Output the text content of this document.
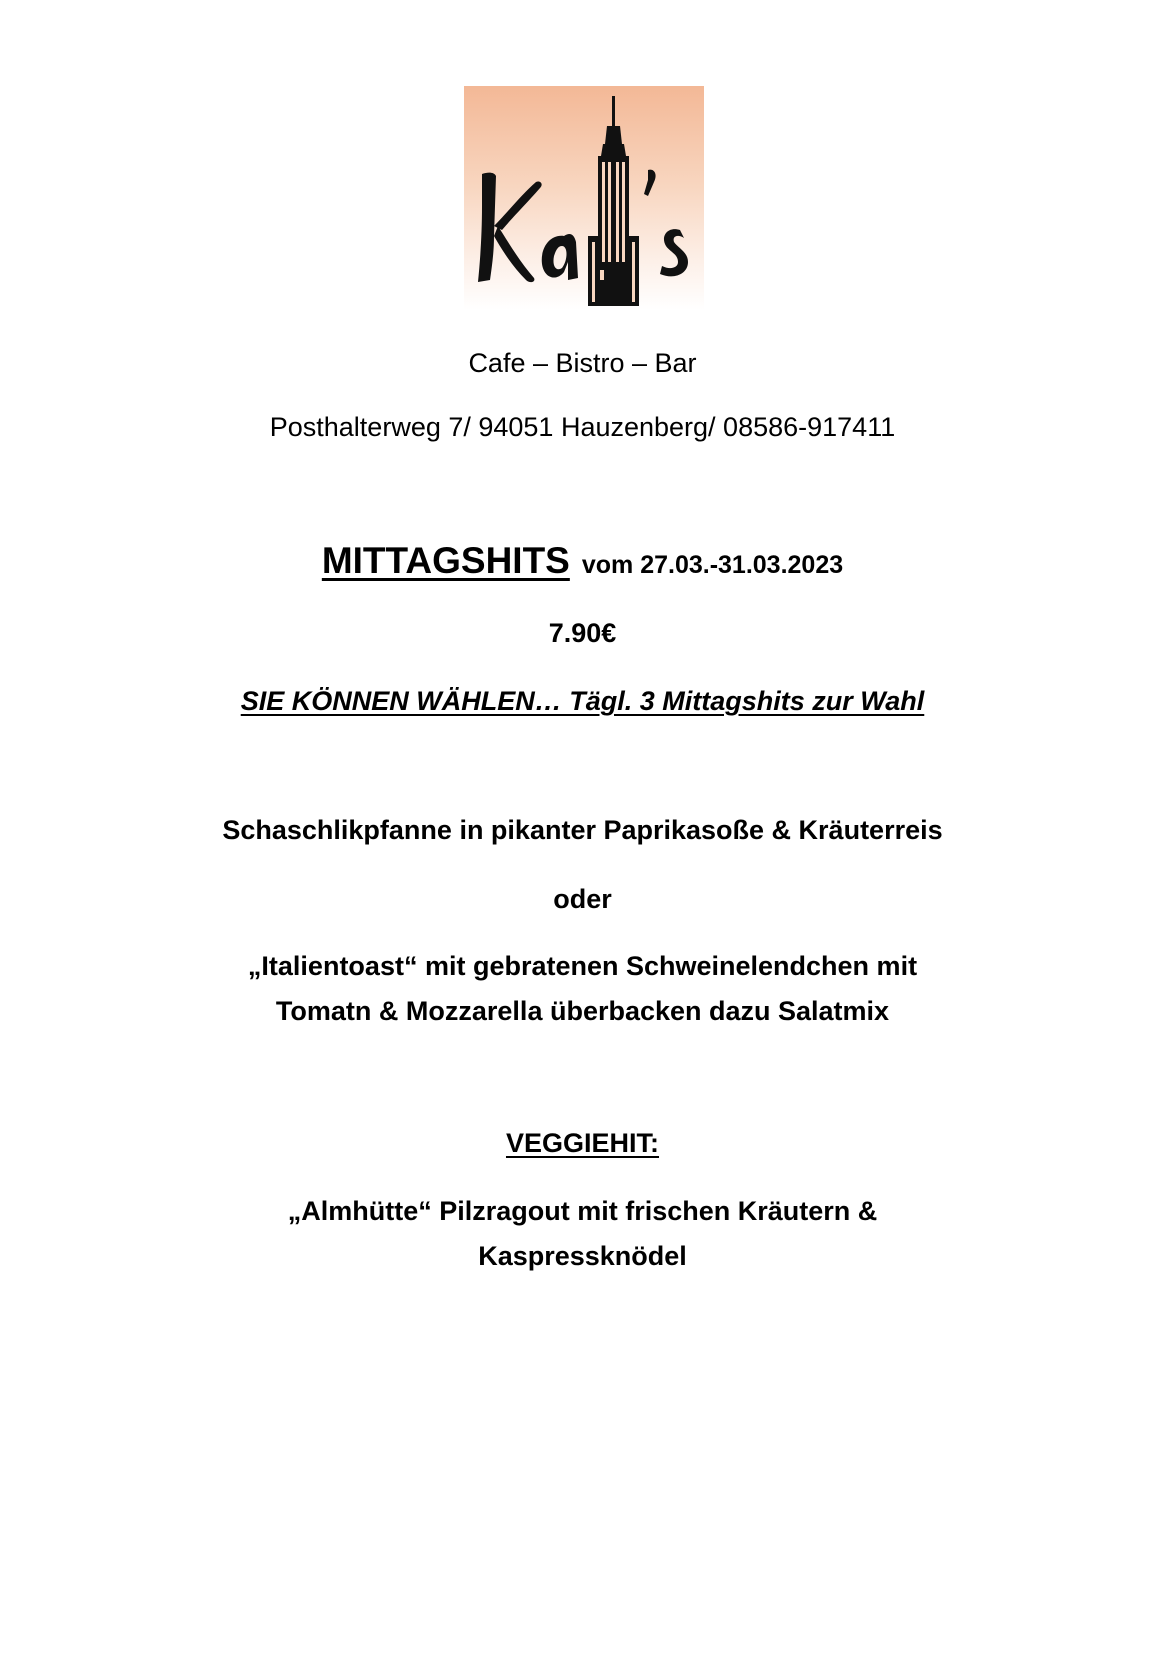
Cafe – Bistro – Bar
Posthalterweg 7/ 94051 Hauzenberg/ 08586-917411
MITTAGSHITS vom 27.03.-31.03.2023
7.90€
SIE KÖNNEN WÄHLEN… Tägl. 3 Mittagshits zur Wahl
Schaschlikpfanne in pikanter Paprikasoße & Kräuterreis
oder
„Italientoast“ mit gebratenen Schweinelendchen mit
Tomatn & Mozzarella überbacken dazu Salatmix
VEGGIEHIT:
„Almhütte“ Pilzragout mit frischen Kräutern &
Kaspressknödel
